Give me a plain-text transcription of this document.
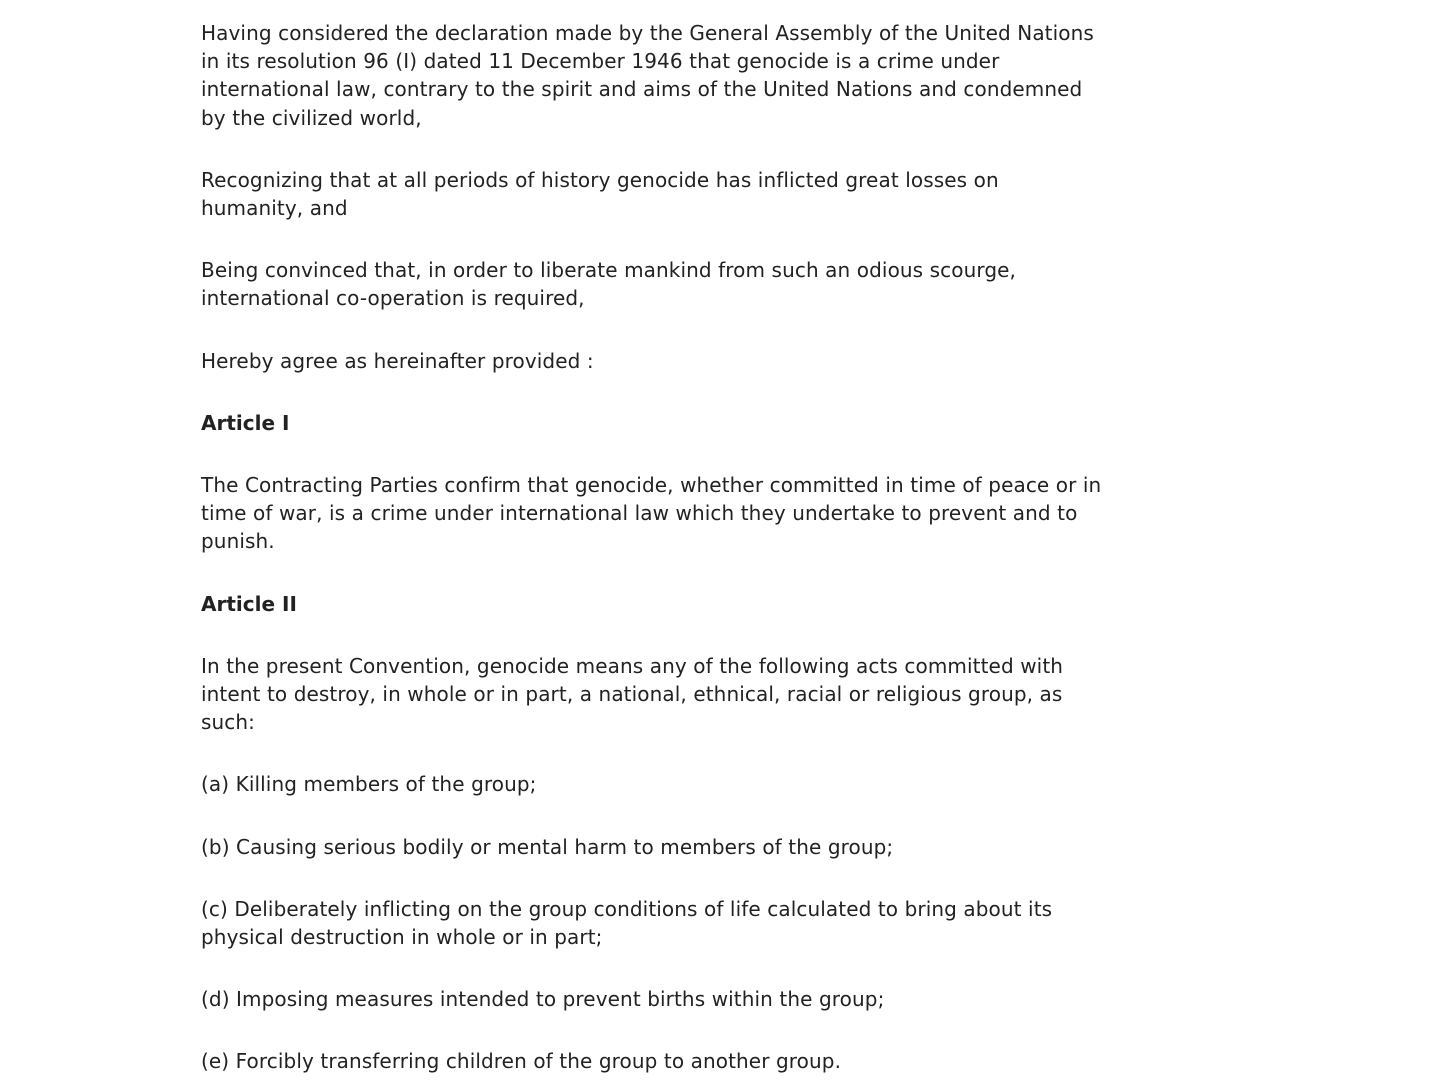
Having considered the declaration made by the General Assembly of the United Nations
in its resolution 96 (I) dated 11 December 1946 that genocide is a crime under
international law, contrary to the spirit and aims of the United Nations and condemned
by the civilized world,

Recognizing that at all periods of history genocide has inflicted great losses on
humanity, and

Being convinced that, in order to liberate mankind from such an odious scourge,
international co-operation is required,

Hereby agree as hereinafter provided :

Article I

The Contracting Parties confirm that genocide, whether committed in time of peace or in
time of war, is a crime under international law which they undertake to prevent and to
punish.

Article II

In the present Convention, genocide means any of the following acts committed with
intent to destroy, in whole or in part, a national, ethnical, racial or religious group, as
such:

(a) Killing members of the group;

(b) Causing serious bodily or mental harm to members of the group;

(c) Deliberately inflicting on the group conditions of life calculated to bring about its
physical destruction in whole or in part;

(d) Imposing measures intended to prevent births within the group;

(e) Forcibly transferring children of the group to another group.
